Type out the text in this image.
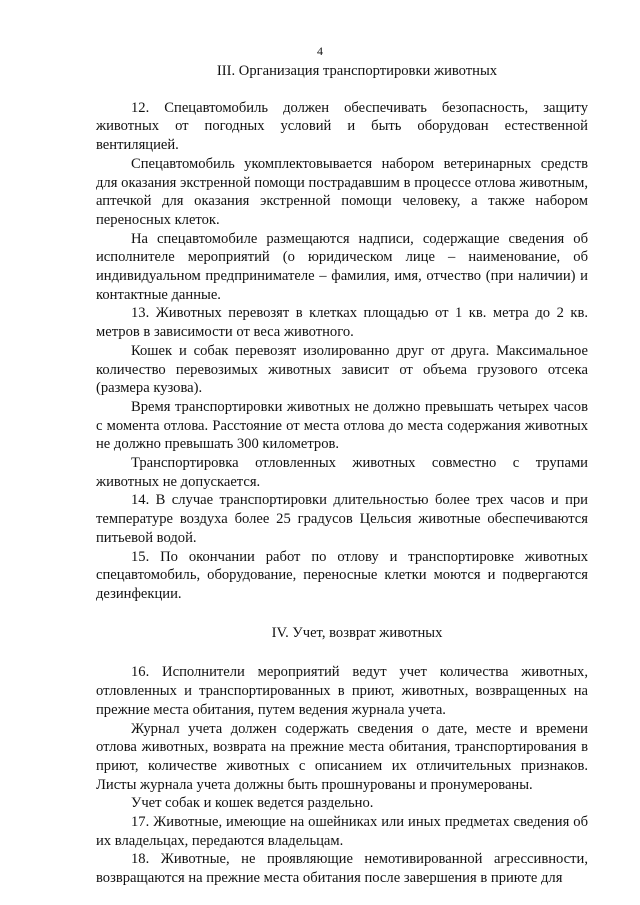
4
III. Организация транспортировки животных

12. Спецавтомобиль должен обеспечивать безопасность, защиту животных от погодных условий и быть оборудован естественной вентиляцией.

Спецавтомобиль укомплектовывается набором ветеринарных средств для оказания экстренной помощи пострадавшим в процессе отлова животным, аптечкой для оказания экстренной помощи человеку, а также набором переносных клеток.

На спецавтомобиле размещаются надписи, содержащие сведения об исполнителе мероприятий (о юридическом лице – наименование, об индивидуальном предпринимателе – фамилия, имя, отчество (при наличии) и контактные данные.

13. Животных перевозят в клетках площадью от 1 кв. метра до 2 кв. метров в зависимости от веса животного.

Кошек и собак перевозят изолированно друг от друга. Максимальное количество перевозимых животных зависит от объема грузового отсека (размера кузова).

Время транспортировки животных не должно превышать четырех часов с момента отлова. Расстояние от места отлова до места содержания животных не должно превышать 300 километров.

Транспортировка отловленных животных совместно с трупами животных не допускается.

14. В случае транспортировки длительностью более трех часов и при температуре воздуха более 25 градусов Цельсия животные обеспечиваются питьевой водой.

15. По окончании работ по отлову и транспортировке животных спецавтомобиль, оборудование, переносные клетки моются и подвергаются дезинфекции.

IV. Учет, возврат животных

16. Исполнители мероприятий ведут учет количества животных, отловленных и транспортированных в приют, животных, возвращенных на прежние места обитания, путем ведения журнала учета.

Журнал учета должен содержать сведения о дате, месте и времени отлова животных, возврата на прежние места обитания, транспортирования в приют, количестве животных с описанием их отличительных признаков. Листы журнала учета должны быть прошнурованы и пронумерованы.

Учет собак и кошек ведется раздельно.

17. Животные, имеющие на ошейниках или иных предметах сведения об их владельцах, передаются владельцам.

18. Животные, не проявляющие немотивированной агрессивности, возвращаются на прежние места обитания после завершения в приюте для
